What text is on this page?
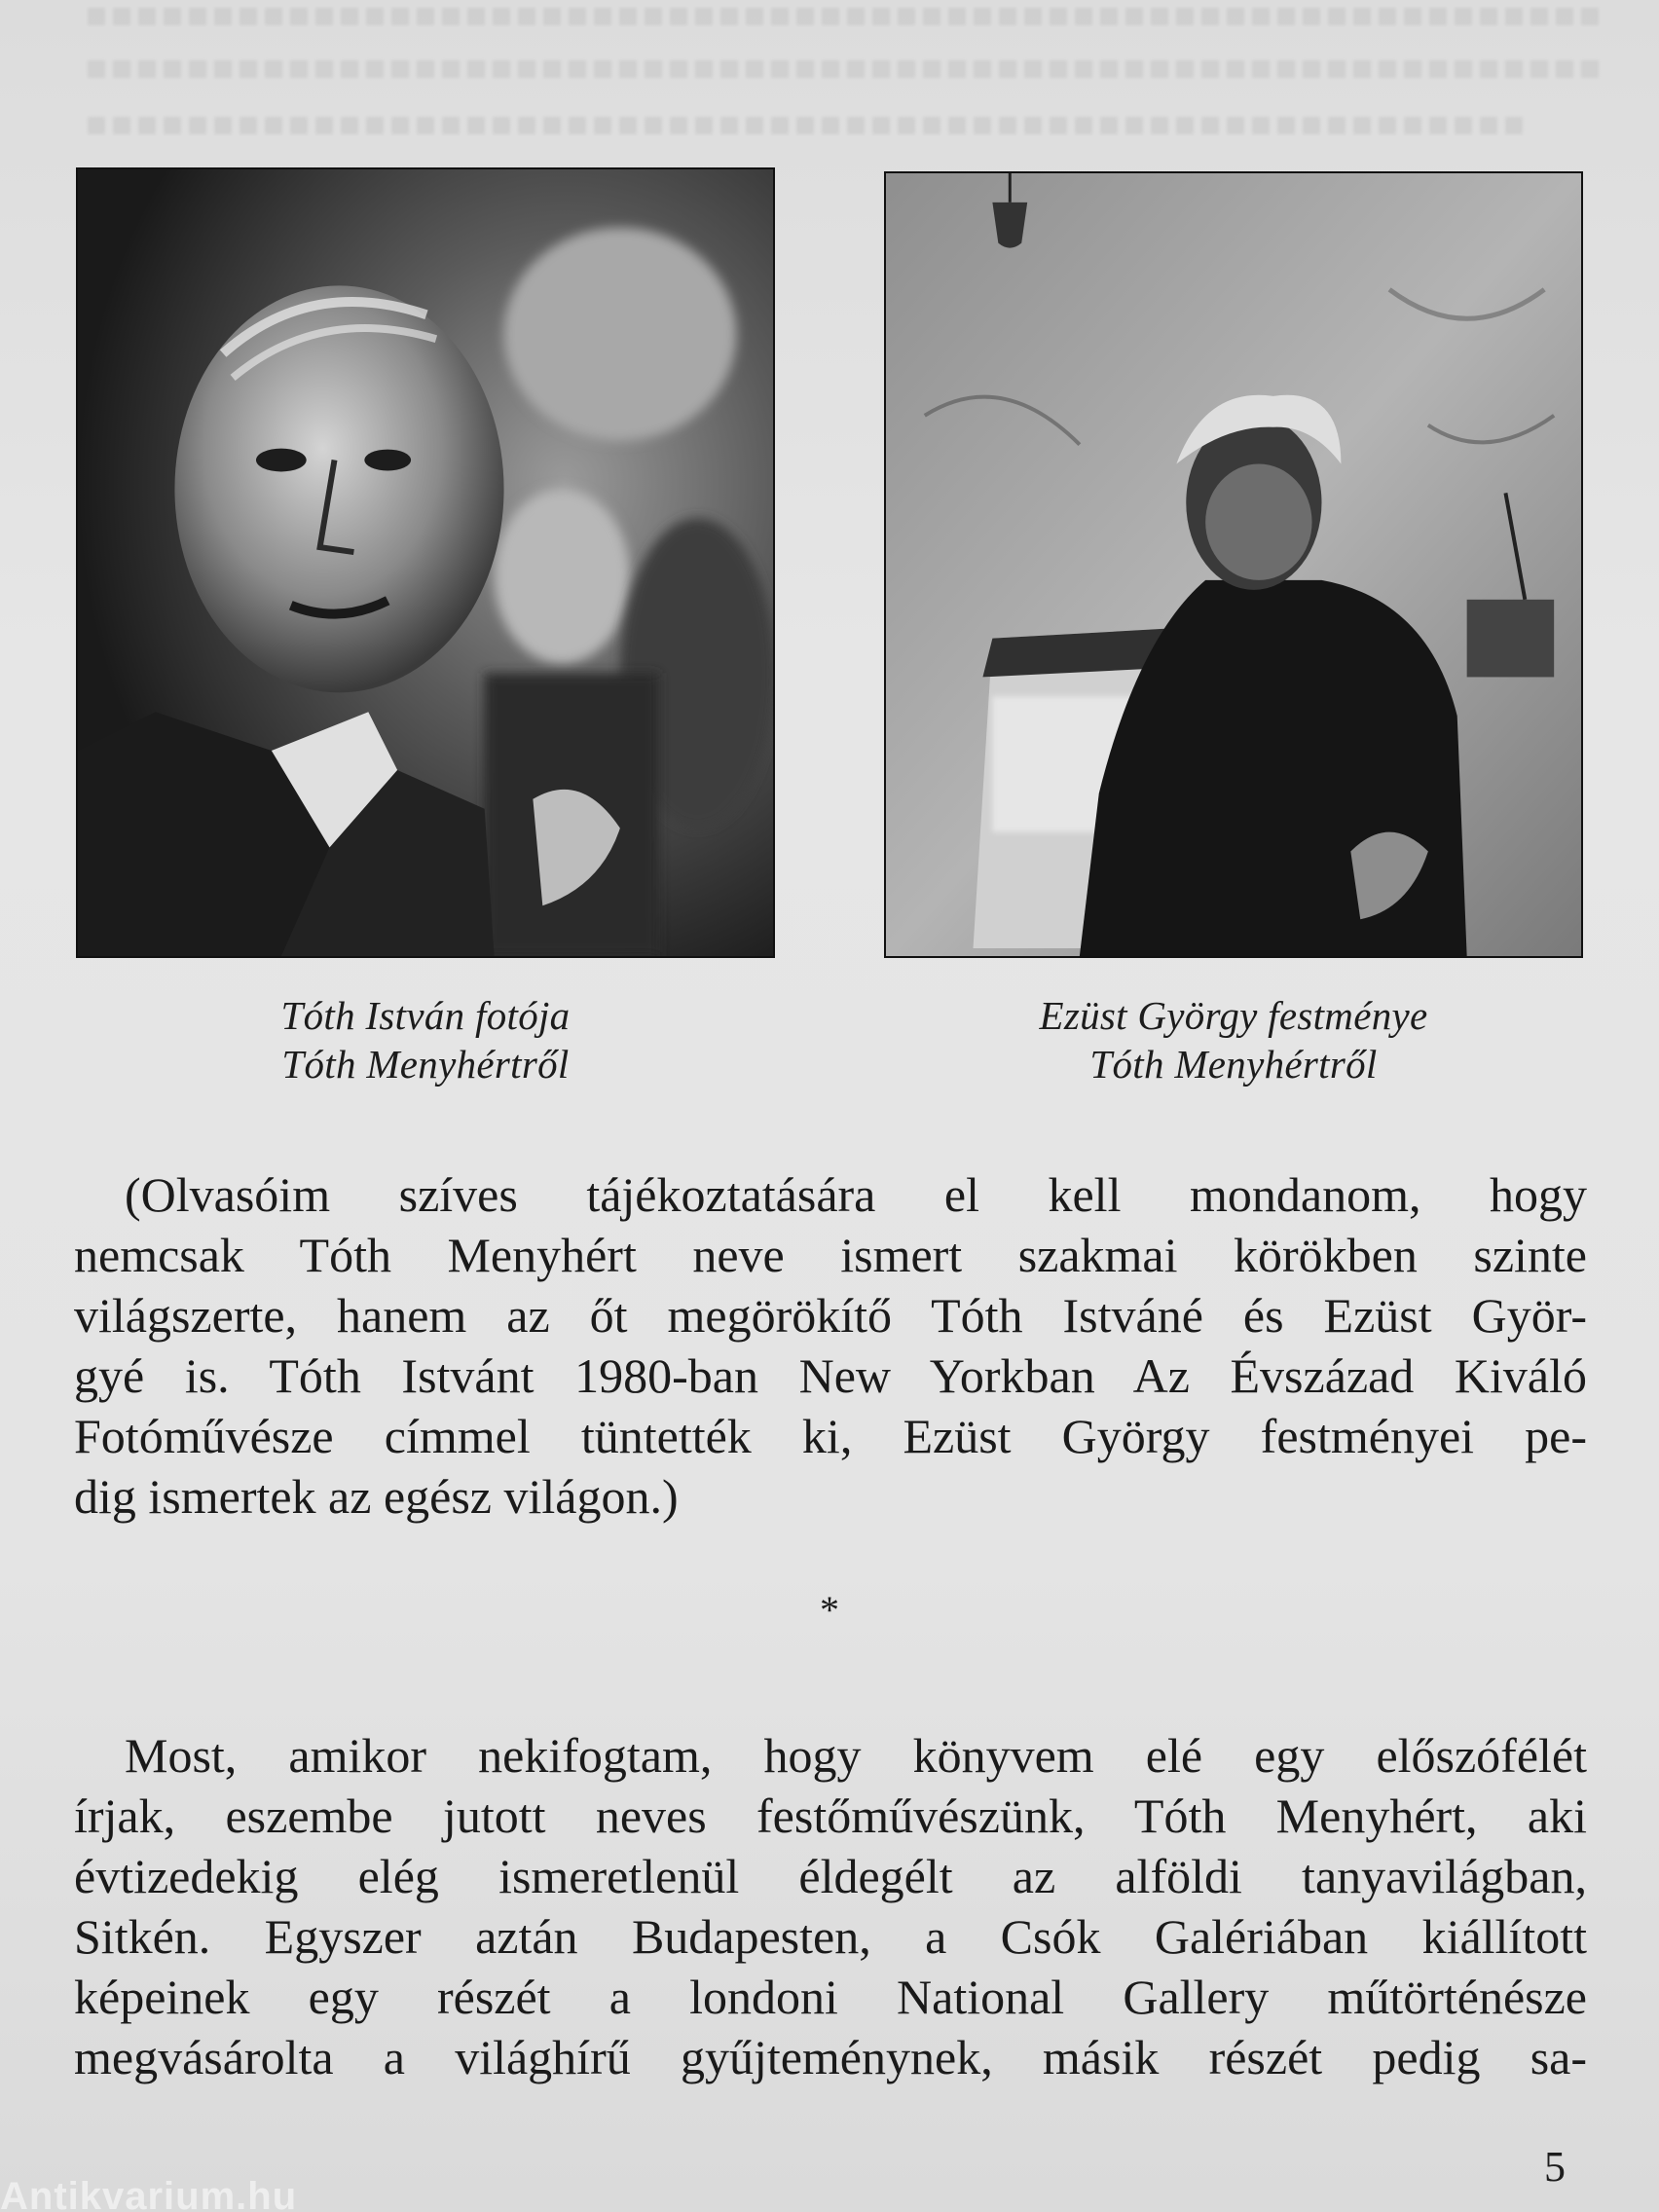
Tóth István fotója
Tóth Menyhértről
Ezüst György festménye
Tóth Menyhértről
(Olvasóim szíves tájékoztatására el kell mondanom, hogy
nemcsak Tóth Menyhért neve ismert szakmai körökben szinte
világszerte, hanem az őt megörökítő Tóth Istváné és Ezüst Györ-
gyé is. Tóth Istvánt 1980-ban New Yorkban Az Évszázad Kiváló
Fotóművésze címmel tüntették ki, Ezüst György festményei pe-
dig ismertek az egész világon.)
*
Most, amikor nekifogtam, hogy könyvem elé egy előszófélét
írjak, eszembe jutott neves festőművészünk, Tóth Menyhért, aki
évtizedekig elég ismeretlenül éldegélt az alföldi tanyavilágban,
Sitkén. Egyszer aztán Budapesten, a Csók Galériában kiállított
képeinek egy részét a londoni National Gallery műtörténésze
megvásárolta a világhírű gyűjteménynek, másik részét pedig sa-
5
Antikvarium.hu
